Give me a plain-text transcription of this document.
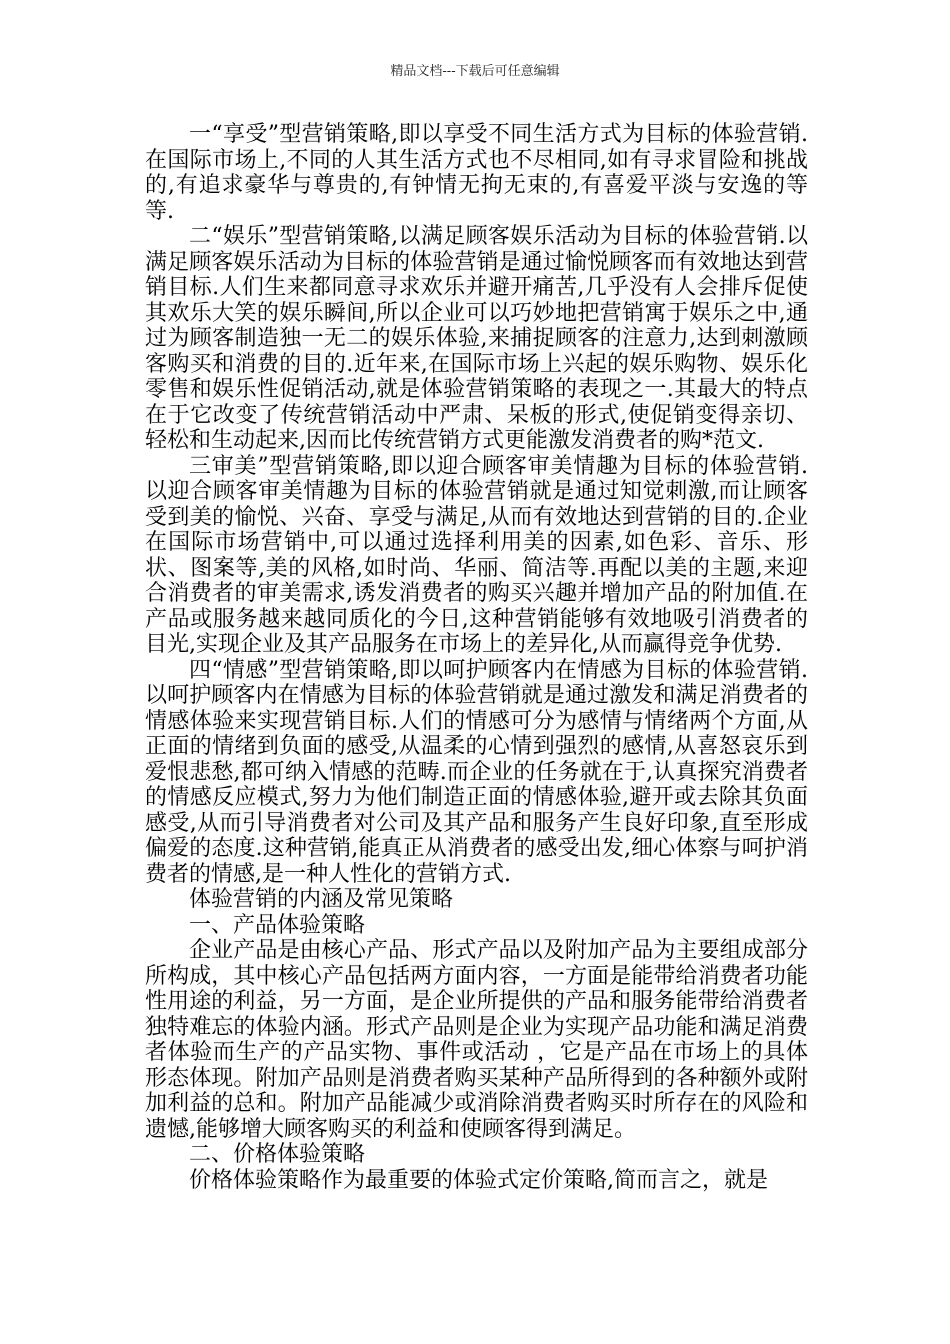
精品文档---下载后可任意编辑

一“享受”型营销策略,即以享受不同生活方式为目标的体验营销.在国际市场上,不同的人其生活方式也不尽相同,如有寻求冒险和挑战的,有追求豪华与尊贵的,有钟情无拘无束的,有喜爱平淡与安逸的等等.

二“娱乐”型营销策略,以满足顾客娱乐活动为目标的体验营销.以满足顾客娱乐活动为目标的体验营销是通过愉悦顾客而有效地达到营销目标.人们生来都同意寻求欢乐并避开痛苦,几乎没有人会排斥促使其欢乐大笑的娱乐瞬间,所以企业可以巧妙地把营销寓于娱乐之中,通过为顾客制造独一无二的娱乐体验,来捕捉顾客的注意力,达到刺激顾客购买和消费的目的.近年来,在国际市场上兴起的娱乐购物、娱乐化零售和娱乐性促销活动,就是体验营销策略的表现之一.其最大的特点在于它改变了传统营销活动中严肃、呆板的形式,使促销变得亲切、轻松和生动起来,因而比传统营销方式更能激发消费者的购*范文.

三审美”型营销策略,即以迎合顾客审美情趣为目标的体验营销.以迎合顾客审美情趣为目标的体验营销就是通过知觉刺激,而让顾客受到美的愉悦、兴奋、享受与满足,从而有效地达到营销的目的.企业在国际市场营销中,可以通过选择利用美的因素,如色彩、音乐、形状、图案等,美的风格,如时尚、华丽、简洁等.再配以美的主题,来迎合消费者的审美需求,诱发消费者的购买兴趣并增加产品的附加值.在产品或服务越来越同质化的今日,这种营销能够有效地吸引消费者的目光,实现企业及其产品服务在市场上的差异化,从而赢得竞争优势.

四“情感”型营销策略,即以呵护顾客内在情感为目标的体验营销.以呵护顾客内在情感为目标的体验营销就是通过激发和满足消费者的情感体验来实现营销目标.人们的情感可分为感情与情绪两个方面,从正面的情绪到负面的感受,从温柔的心情到强烈的感情,从喜怒哀乐到爱恨悲愁,都可纳入情感的范畴.而企业的任务就在于,认真探究消费者的情感反应模式,努力为他们制造正面的情感体验,避开或去除其负面感受,从而引导消费者对公司及其产品和服务产生良好印象,直至形成偏爱的态度.这种营销,能真正从消费者的感受出发,细心体察与呵护消费者的情感,是一种人性化的营销方式.

体验营销的内涵及常见策略

一、产品体验策略

企业产品是由核心产品、形式产品以及附加产品为主要组成部分所构成，其中核心产品包括两方面内容，一方面是能带给消费者功能性用途的利益，另一方面，是企业所提供的产品和服务能带给消费者独特难忘的体验内涵。形式产品则是企业为实现产品功能和满足消费者体验而生产的产品实物、事件或活动 ，它是产品在市场上的具体形态体现。附加产品则是消费者购买某种产品所得到的各种额外或附加利益的总和。附加产品能减少或消除消费者购买时所存在的风险和遗憾,能够增大顾客购买的利益和使顾客得到满足。

二、价格体验策略

价格体验策略作为最重要的体验式定价策略,简而言之，就是
